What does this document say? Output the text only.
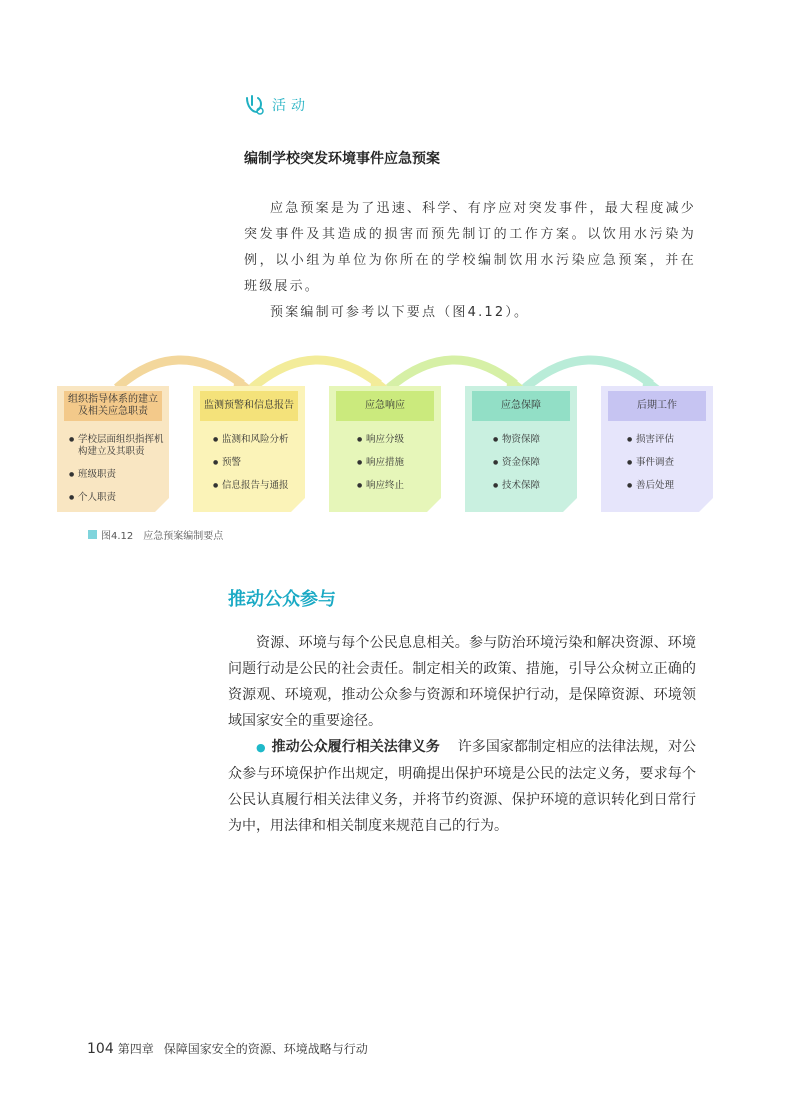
活动
编制学校突发环境事件应急预案

应急预案是为了迅速、科学、有序应对突发事件，最大程度减少突发事件及其造成的损害而预先制订的工作方案。以饮用水污染为例，以小组为单位为你所在的学校编制饮用水污染应急预案，并在班级展示。

预案编制可参考以下要点（图4.12）。

组织指导体系的建立及相关应急职责
● 学校层面组织指挥机构建立及其职责
● 班级职责
● 个人职责
监测预警和信息报告
● 监测和风险分析
● 预警
● 信息报告与通报
应急响应
● 响应分级
● 响应措施
● 响应终止
应急保障
● 物资保障
● 资金保障
● 技术保障
后期工作
● 损害评估
● 事件调查
● 善后处理
图4.12 应急预案编制要点
推动公众参与

资源、环境与每个公民息息相关。参与防治环境污染和解决资源、环境问题行动是公民的社会责任。制定相关的政策、措施，引导公众树立正确的资源观、环境观，推动公众参与资源和环境保护行动，是保障资源、环境领域国家安全的重要途径。

● 推动公众履行相关法律义务 许多国家都制定相应的法律法规，对公众参与环境保护作出规定，明确提出保护环境是公民的法定义务，要求每个公民认真履行相关法律义务，并将节约资源、保护环境的意识转化到日常行为中，用法律和相关制度来规范自己的行为。

104 第四章 保障国家安全的资源、环境战略与行动
